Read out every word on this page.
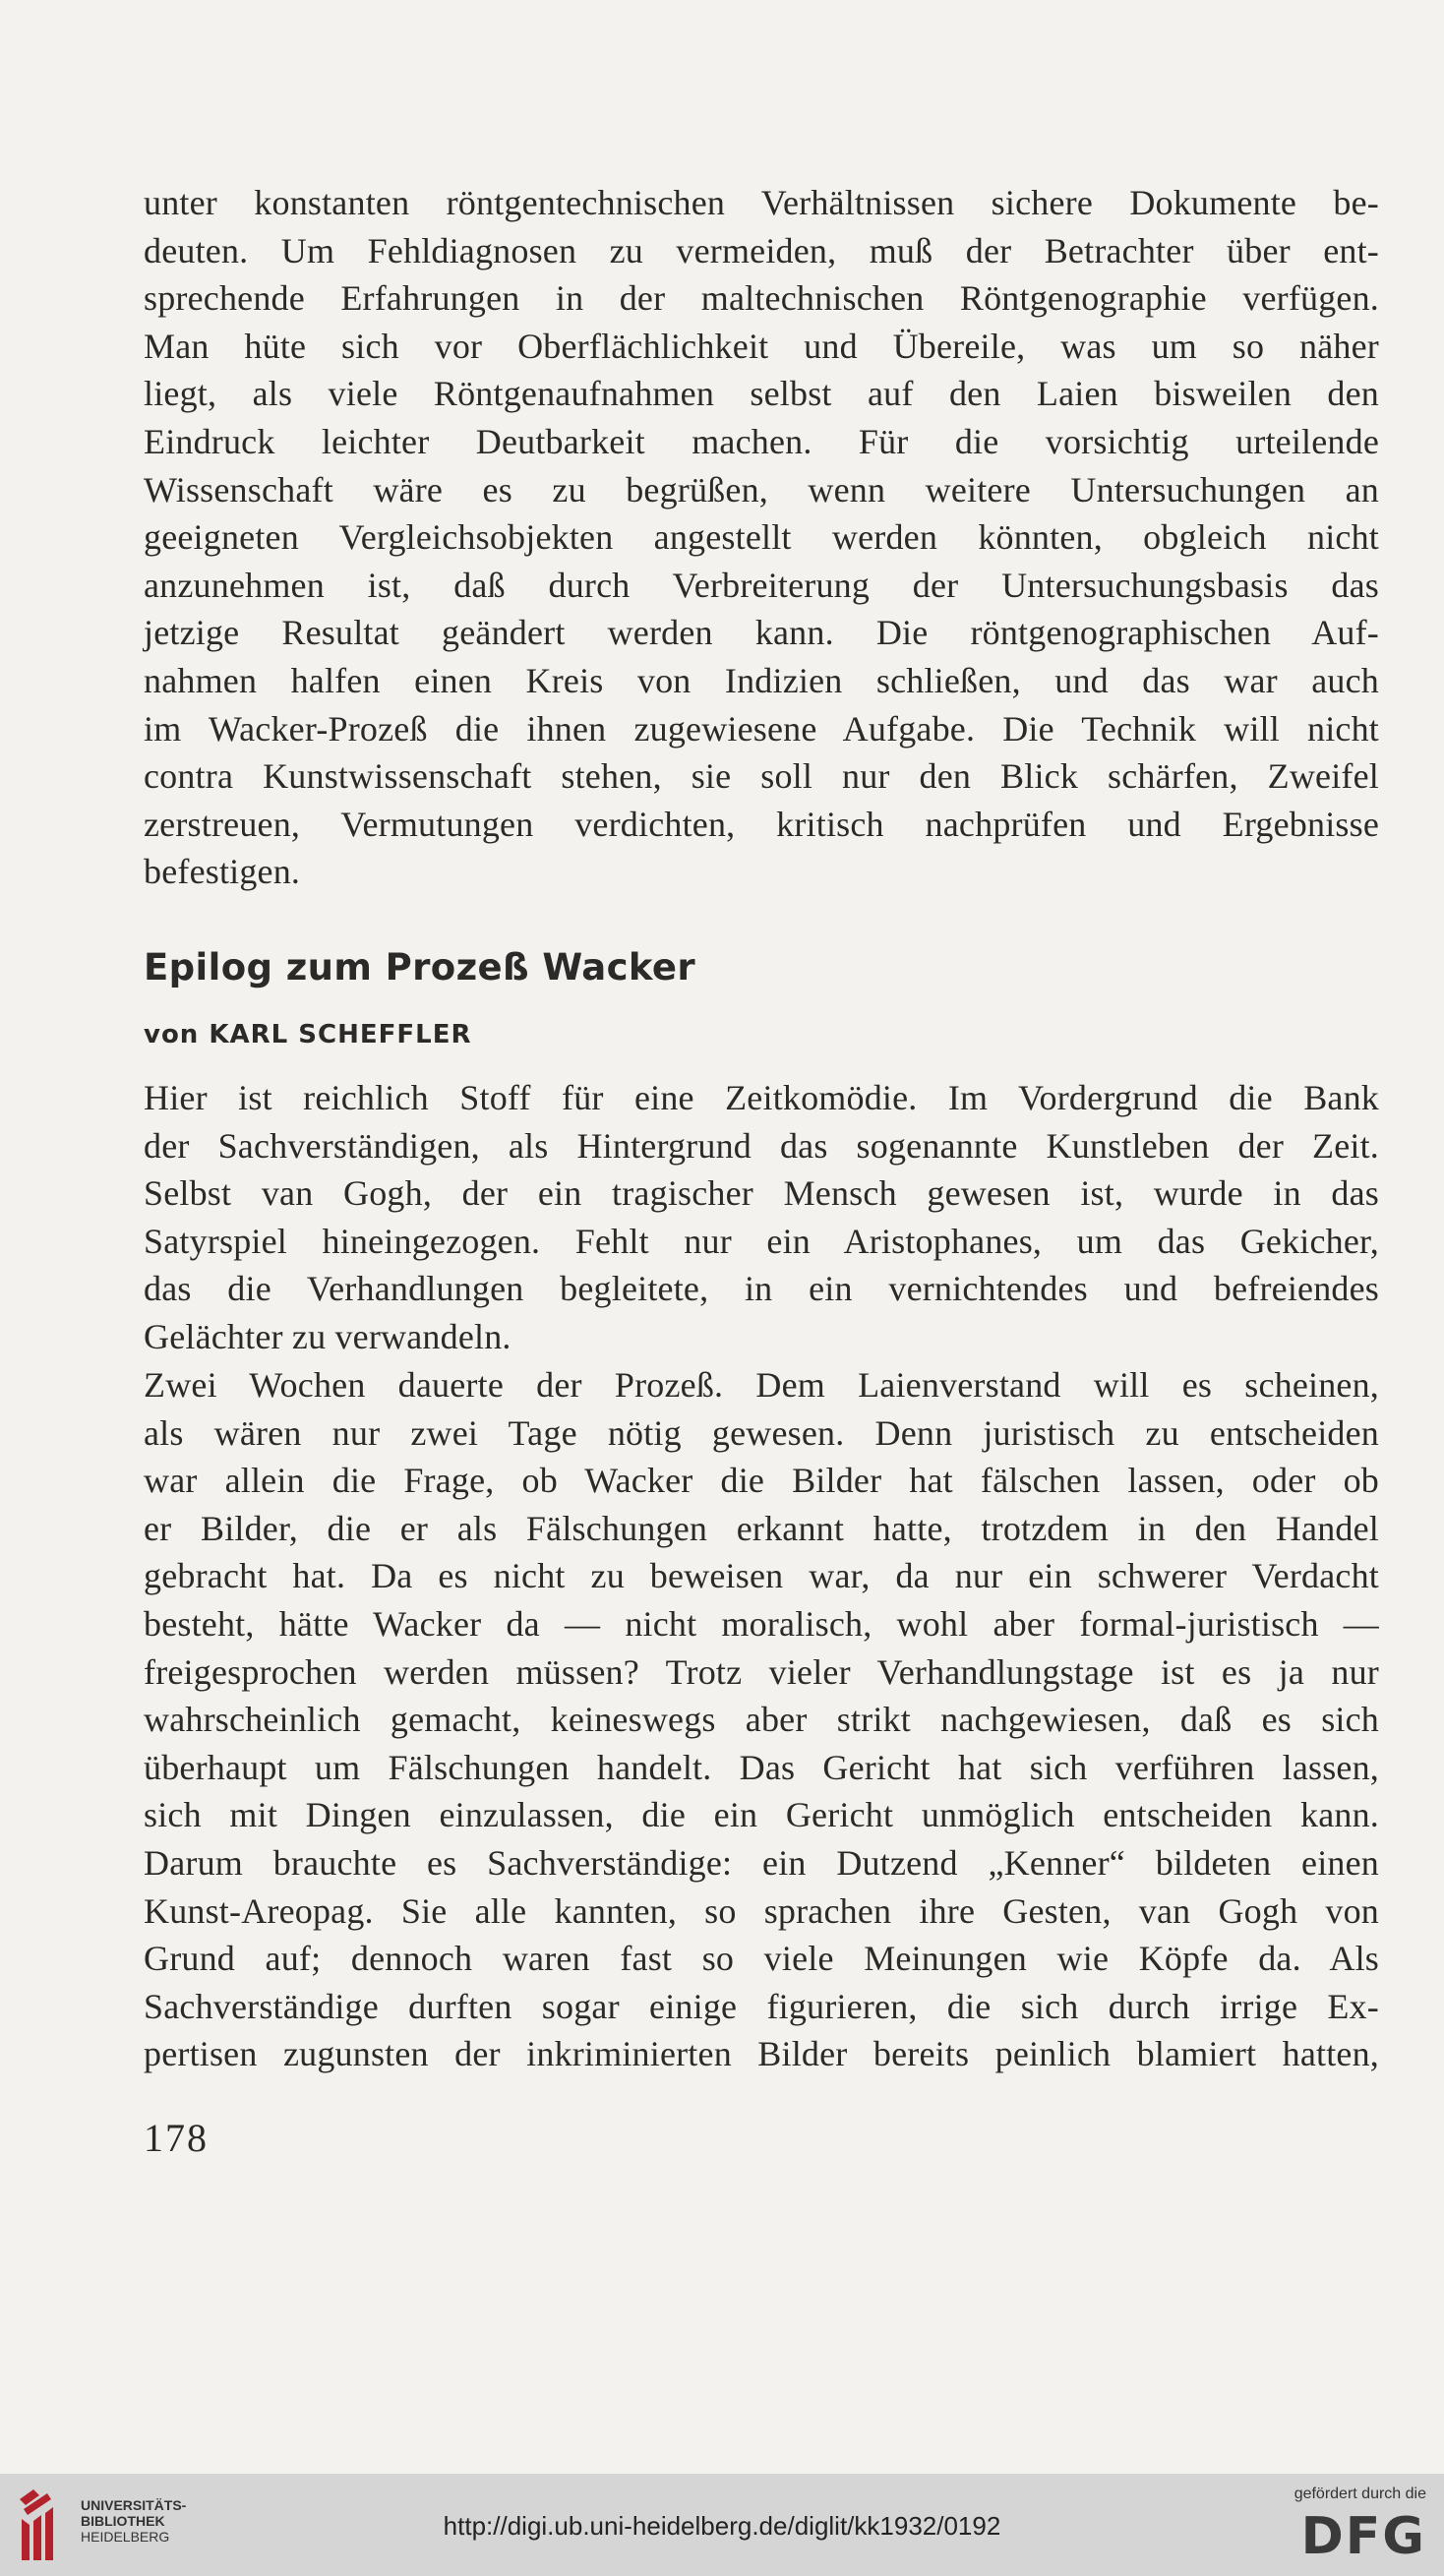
unter konstanten röntgentechnischen Verhältnissen sichere Dokumente be-
deuten. Um Fehldiagnosen zu vermeiden, muß der Betrachter über ent-
sprechende Erfahrungen in der maltechnischen Röntgenographie verfügen.
Man hüte sich vor Oberflächlichkeit und Übereile, was um so näher
liegt, als viele Röntgenaufnahmen selbst auf den Laien bisweilen den
Eindruck leichter Deutbarkeit machen. Für die vorsichtig urteilende
Wissenschaft wäre es zu begrüßen, wenn weitere Untersuchungen an
geeigneten Vergleichsobjekten angestellt werden könnten, obgleich nicht
anzunehmen ist, daß durch Verbreiterung der Untersuchungsbasis das
jetzige Resultat geändert werden kann. Die röntgenographischen Auf-
nahmen halfen einen Kreis von Indizien schließen, und das war auch
im Wacker-Prozeß die ihnen zugewiesene Aufgabe. Die Technik will nicht
contra Kunstwissenschaft stehen, sie soll nur den Blick schärfen, Zweifel
zerstreuen, Vermutungen verdichten, kritisch nachprüfen und Ergebnisse
befestigen.
Epilog zum Prozeß Wacker
von KARL SCHEFFLER
Hier ist reichlich Stoff für eine Zeitkomödie. Im Vordergrund die Bank
der Sachverständigen, als Hintergrund das sogenannte Kunstleben der Zeit.
Selbst van Gogh, der ein tragischer Mensch gewesen ist, wurde in das
Satyrspiel hineingezogen. Fehlt nur ein Aristophanes, um das Gekicher,
das die Verhandlungen begleitete, in ein vernichtendes und befreiendes
Gelächter zu verwandeln.
Zwei Wochen dauerte der Prozeß. Dem Laienverstand will es scheinen,
als wären nur zwei Tage nötig gewesen. Denn juristisch zu entscheiden
war allein die Frage, ob Wacker die Bilder hat fälschen lassen, oder ob
er Bilder, die er als Fälschungen erkannt hatte, trotzdem in den Handel
gebracht hat. Da es nicht zu beweisen war, da nur ein schwerer Verdacht
besteht, hätte Wacker da — nicht moralisch, wohl aber formal-juristisch —
freigesprochen werden müssen? Trotz vieler Verhandlungstage ist es ja nur
wahrscheinlich gemacht, keineswegs aber strikt nachgewiesen, daß es sich
überhaupt um Fälschungen handelt. Das Gericht hat sich verführen lassen,
sich mit Dingen einzulassen, die ein Gericht unmöglich entscheiden kann.
Darum brauchte es Sachverständige: ein Dutzend „Kenner“ bildeten einen
Kunst-Areopag. Sie alle kannten, so sprachen ihre Gesten, van Gogh von
Grund auf; dennoch waren fast so viele Meinungen wie Köpfe da. Als
Sachverständige durften sogar einige figurieren, die sich durch irrige Ex-
pertisen zugunsten der inkriminierten Bilder bereits peinlich blamiert hatten,
178
UNIVERSITÄTS-
BIBLIOTHEK
HEIDELBERG	http://digi.ub.uni-heidelberg.de/diglit/kk1932/0192
gefördert durch die
DFG
